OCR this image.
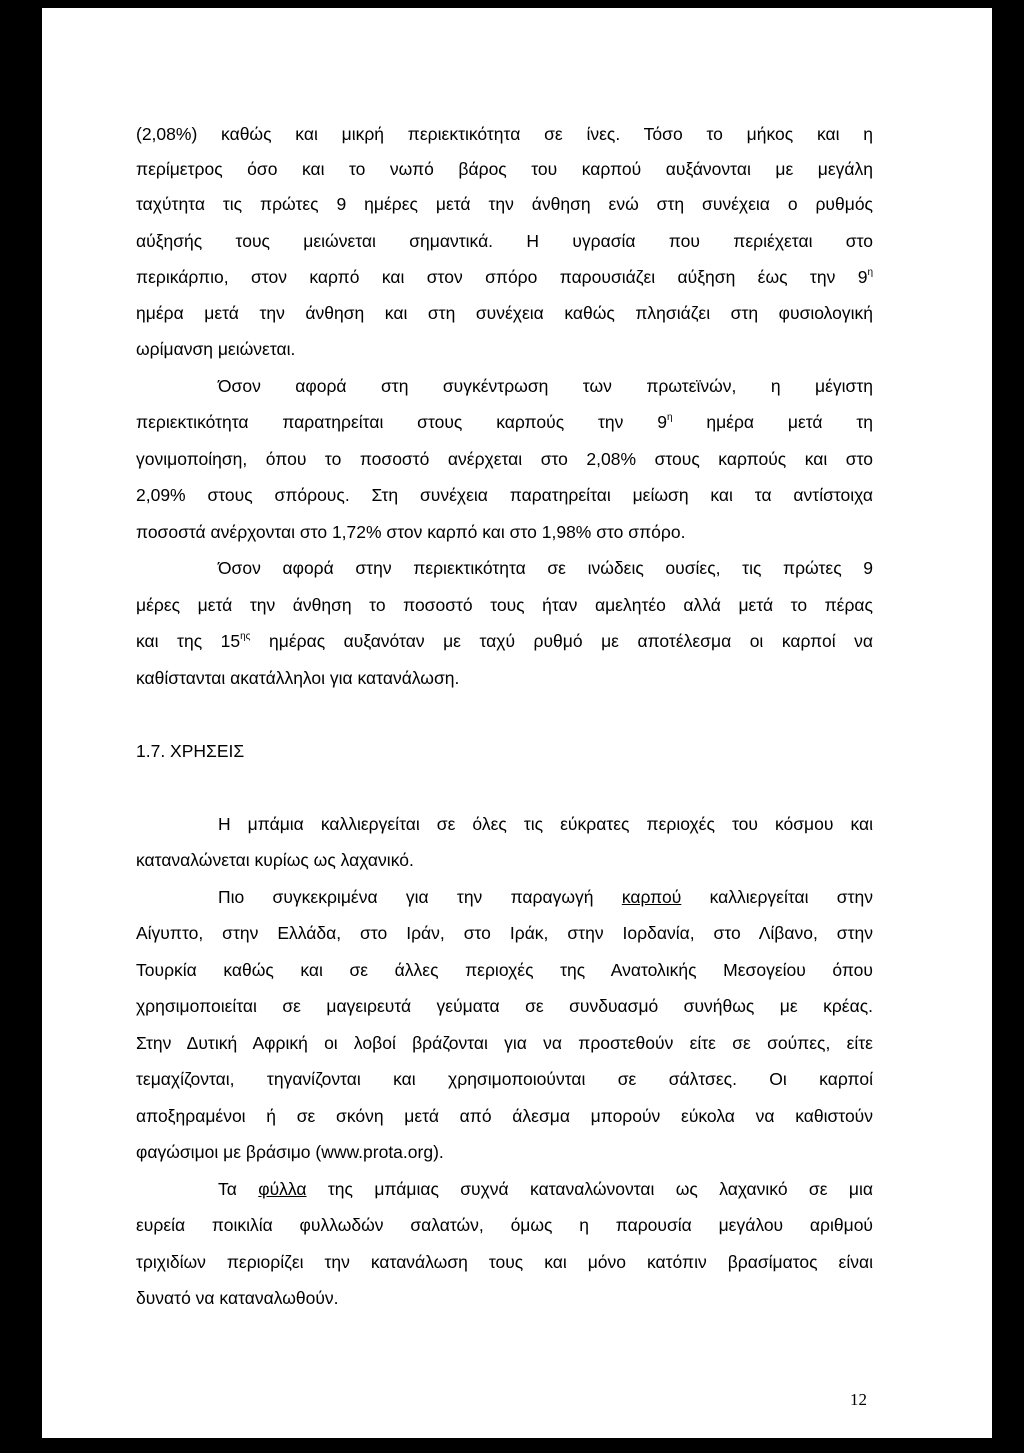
(2,08%) καθώς και μικρή περιεκτικότητα σε ίνες. Τόσο το μήκος και η
περίμετρος όσο και το νωπό βάρος του καρπού αυξάνονται με μεγάλη
ταχύτητα τις πρώτες 9 ημέρες μετά την άνθηση ενώ στη συνέχεια ο ρυθμός
αύξησής τους μειώνεται σημαντικά. Η υγρασία που περιέχεται στο
περικάρπιο, στον καρπό και στον σπόρο παρουσιάζει αύξηση έως την $9^\eta$
ημέρα μετά την άνθηση και στη συνέχεια καθώς πλησιάζει στη φυσιολογική
ωρίμανση μειώνεται.
Όσον αφορά στη συγκέντρωση των πρωτεϊνών, η μέγιστη
περιεκτικότητα παρατηρείται στους καρπούς την $9^\eta$ ημέρα μετά τη
γονιμοποίηση, όπου το ποσοστό ανέρχεται στο 2,08% στους καρπούς και στο
2,09% στους σπόρους. Στη συνέχεια παρατηρείται μείωση και τα αντίστοιχα
ποσοστά ανέρχονται στο 1,72% στον καρπό και στο 1,98% στο σπόρο.
Όσον αφορά στην περιεκτικότητα σε ινώδεις ουσίες, τις πρώτες 9
μέρες μετά την άνθηση το ποσοστό τους ήταν αμελητέο αλλά μετά το πέρας
και της $15^{\eta\varsigma}$ ημέρας αυξανόταν με ταχύ ρυθμό με αποτέλεσμα οι καρποί να
καθίστανται ακατάλληλοι για κατανάλωση.
1.7. ΧΡΗΣΕΙΣ
Η μπάμια καλλιεργείται σε όλες τις εύκρατες περιοχές του κόσμου και
καταναλώνεται κυρίως ως λαχανικό.
Πιο συγκεκριμένα για την παραγωγή καρπού καλλιεργείται στην
Αίγυπτο, στην Ελλάδα, στο Ιράν, στο Ιράκ, στην Ιορδανία, στο Λίβανο, στην
Τουρκία καθώς και σε άλλες περιοχές της Ανατολικής Μεσογείου όπου
χρησιμοποιείται σε μαγειρευτά γεύματα σε συνδυασμό συνήθως με κρέας.
Στην Δυτική Αφρική οι λοβοί βράζονται για να προστεθούν είτε σε σούπες, είτε
τεμαχίζονται, τηγανίζονται και χρησιμοποιούνται σε σάλτσες. Οι καρποί
αποξηραμένοι ή σε σκόνη μετά από άλεσμα μπορούν εύκολα να καθιστούν
φαγώσιμοι με βράσιμο (www.prota.org).
Τα φύλλα της μπάμιας συχνά καταναλώνονται ως λαχανικό σε μια
ευρεία ποικιλία φυλλωδών σαλατών, όμως η παρουσία μεγάλου αριθμού
τριχιδίων περιορίζει την κατανάλωση τους και μόνο κατόπιν βρασίματος είναι
δυνατό να καταναλωθούν.
12
